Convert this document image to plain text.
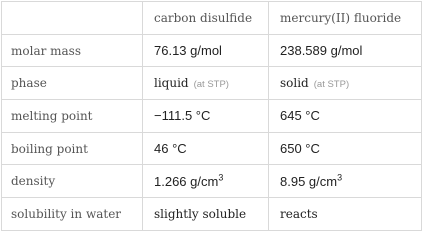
	carbon disulfide	mercury(II) fluoride
molar mass	76.13 g/mol	238.589 g/mol
phase	liquid (at STP)	solid (at STP)
melting point	−111.5 °C	645 °C
boiling point	46 °C	650 °C
density	1.266 $g/cm^3$	8.95 $g/cm^3$
solubility in water	slightly soluble	reacts
